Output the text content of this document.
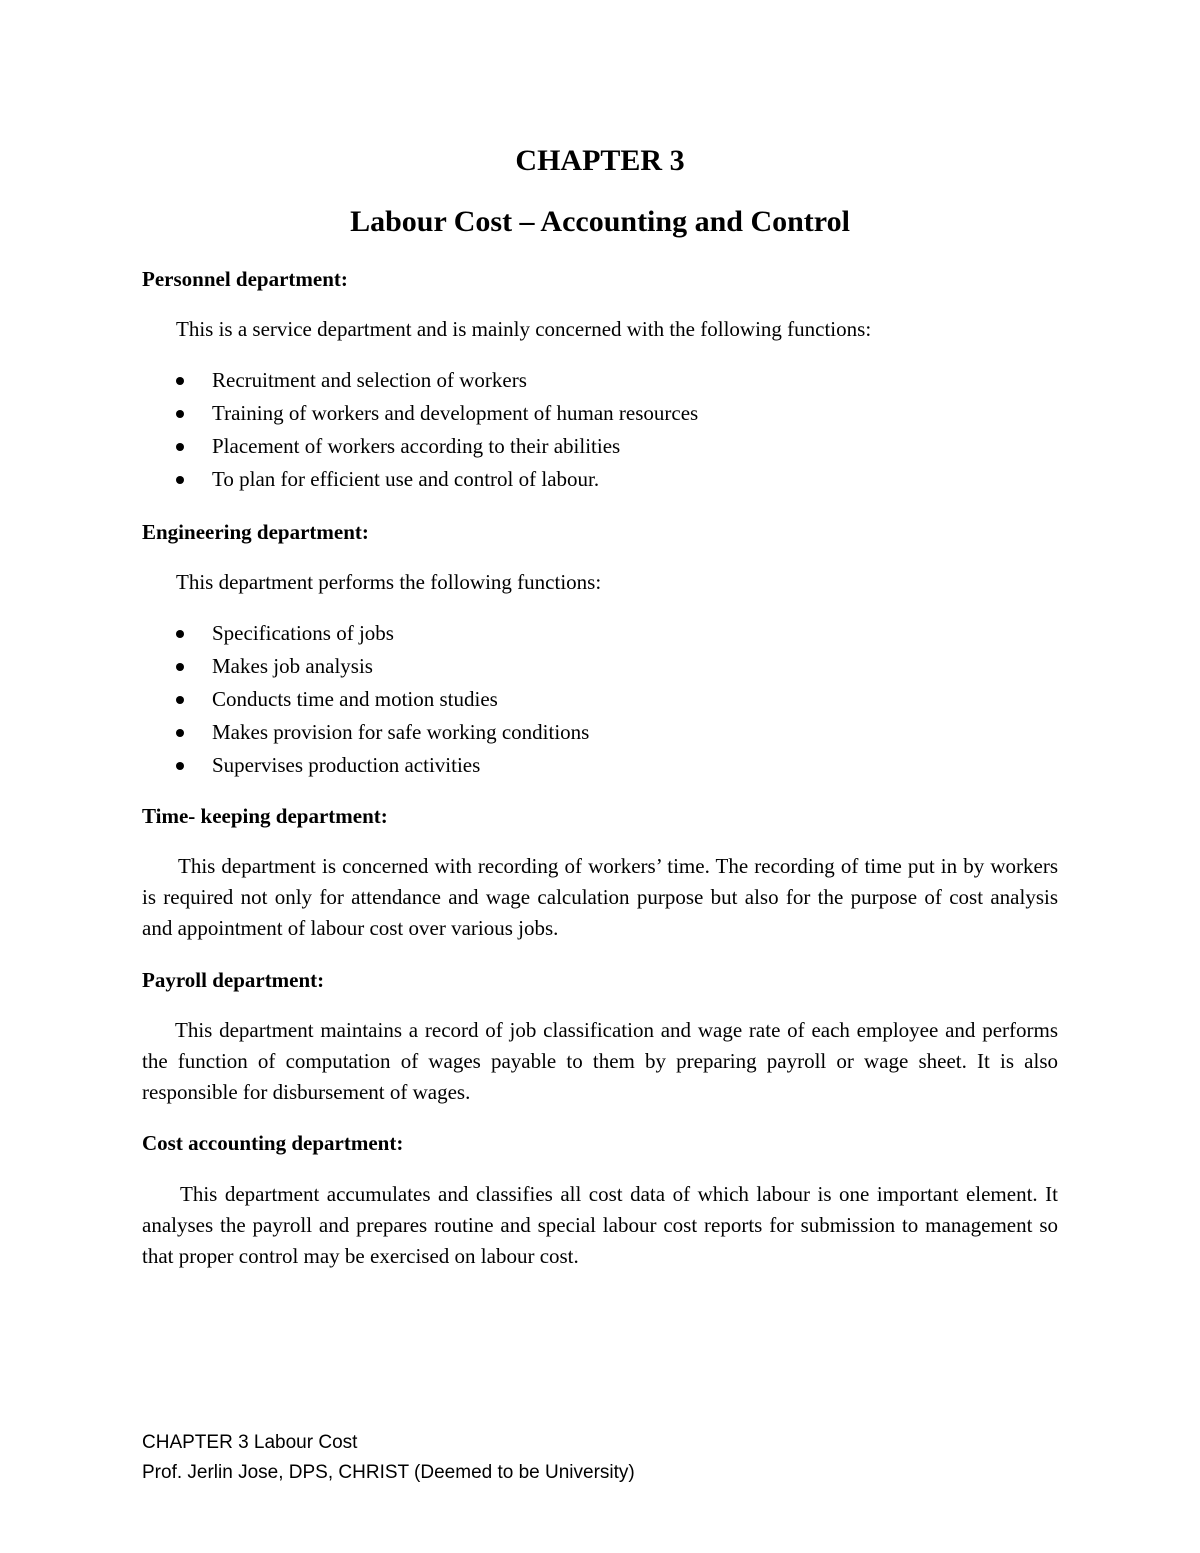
CHAPTER 3
Labour Cost – Accounting and Control

Personnel department:

This is a service department and is mainly concerned with the following functions:

Recruitment and selection of workers
Training of workers and development of human resources
Placement of workers according to their abilities
To plan for efficient use and control of labour.

Engineering department:

This department performs the following functions:

Specifications of jobs
Makes job analysis
Conducts time and motion studies
Makes provision for safe working conditions
Supervises production activities

Time- keeping department:

This department is concerned with recording of workers’ time. The recording of time put in by workers is required not only for attendance and wage calculation purpose but also for the purpose of cost analysis and appointment of labour cost over various jobs.

Payroll department:

This department maintains a record of job classification and wage rate of each employee and performs the function of computation of wages payable to them by preparing payroll or wage sheet. It is also responsible for disbursement of wages.

Cost accounting department:

This department accumulates and classifies all cost data of which labour is one important element. It analyses the payroll and prepares routine and special labour cost reports for submission to management so that proper control may be exercised on labour cost.

CHAPTER 3 Labour Cost

Prof. Jerlin Jose, DPS, CHRIST (Deemed to be University)
